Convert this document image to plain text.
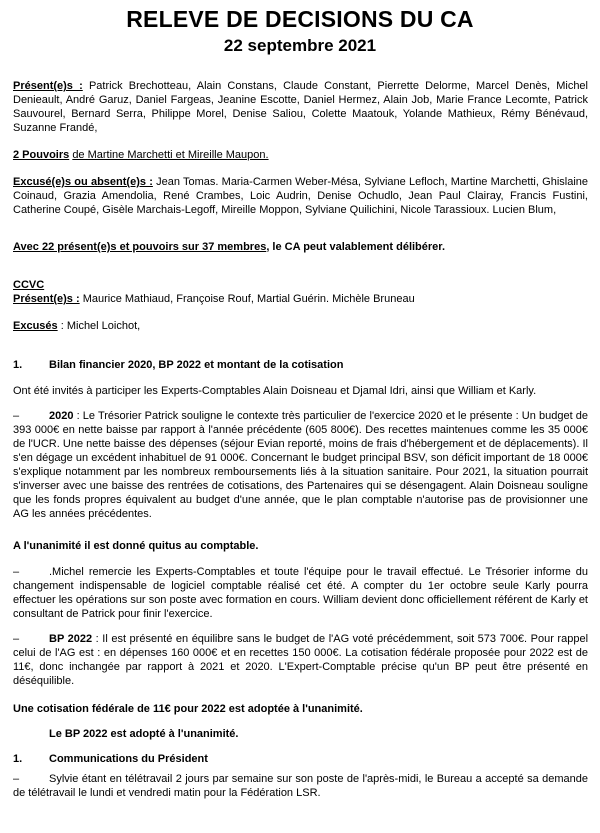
RELEVE DE DECISIONS DU CA
22 septembre 2021
Présent(e)s : Patrick Brechotteau, Alain Constans, Claude Constant, Pierrette Delorme, Marcel Denès, Michel Denieault, André Garuz, Daniel Fargeas, Jeanine Escotte, Daniel Hermez, Alain Job, Marie France Lecomte, Patrick Sauvourel, Bernard Serra, Philippe Morel, Denise Saliou, Colette Maatouk, Yolande Mathieux, Rémy Bénévaud, Suzanne Frandé,
2 Pouvoirs de Martine Marchetti et Mireille Maupon.
Excusé(e)s ou absent(e)s : Jean Tomas. Maria-Carmen Weber-Mésa, Sylviane Lefloch, Martine Marchetti, Ghislaine Coinaud, Grazia Amendolia, René Crambes, Loic Audrin, Denise Ochudlo, Jean Paul Clairay, Francis Fustini, Catherine Coupé, Gisèle Marchais-Legoff, Mireille Moppon, Sylviane Quilichini, Nicole Tarassioux. Lucien Blum,
Avec 22 présent(e)s et pouvoirs sur 37 membres, le CA peut valablement délibérer.
CCVC
Présent(e)s : Maurice Mathiaud, Françoise Rouf, Martial Guérin. Michèle Bruneau
Excusés : Michel Loichot,
1. Bilan financier 2020, BP 2022 et montant de la cotisation
Ont été invités à participer les Experts-Comptables Alain Doisneau et Djamal Idri, ainsi que William et Karly.
–	2020 : Le Trésorier Patrick souligne le contexte très particulier de l'exercice 2020 et le présente : Un budget de 393 000€ en nette baisse par rapport à l'année précédente (605 800€). Des recettes maintenues comme les 35 000€ de l'UCR. Une nette baisse des dépenses (séjour Evian reporté, moins de frais d'hébergement et de déplacements). Il s'en dégage un excédent inhabituel de 91 000€. Concernant le budget principal BSV, son déficit important de 18 000€ s'explique notamment par les nombreux remboursements liés à la situation sanitaire. Pour 2021, la situation pourrait s'inverser avec une baisse des rentrées de cotisations, des Partenaires qui se désengagent. Alain Doisneau souligne que les fonds propres équivalent au budget d'une année, que le plan comptable n'autorise pas de provisionner une AG les années précédentes.
A l'unanimité il est donné quitus au comptable.
–	.Michel remercie les Experts-Comptables et toute l'équipe pour le travail effectué. Le Trésorier informe du changement indispensable de logiciel comptable réalisé cet été. A compter du 1er octobre seule Karly pourra effectuer les opérations sur son poste avec formation en cours. William devient donc officiellement référent de Karly et consultant de Patrick pour finir l'exercice.
–	BP 2022 : Il est présenté en équilibre sans le budget de l'AG voté précédemment, soit 573 700€. Pour rappel celui de l'AG est : en dépenses 160 000€ et en recettes 150 000€. La cotisation fédérale proposée pour 2022 est de 11€, donc inchangée par rapport à 2021 et 2020. L'Expert-Comptable précise qu'un BP peut être présenté en déséquilible.
Une cotisation fédérale de 11€ pour 2022 est adoptée à l'unanimité.
Le BP 2022 est adopté à l'unanimité.
1. Communications du Président
–	Sylvie étant en télétravail 2 jours par semaine sur son poste de l'après-midi, le Bureau a accepté sa demande de télétravail le lundi et vendredi matin pour la Fédération LSR.
